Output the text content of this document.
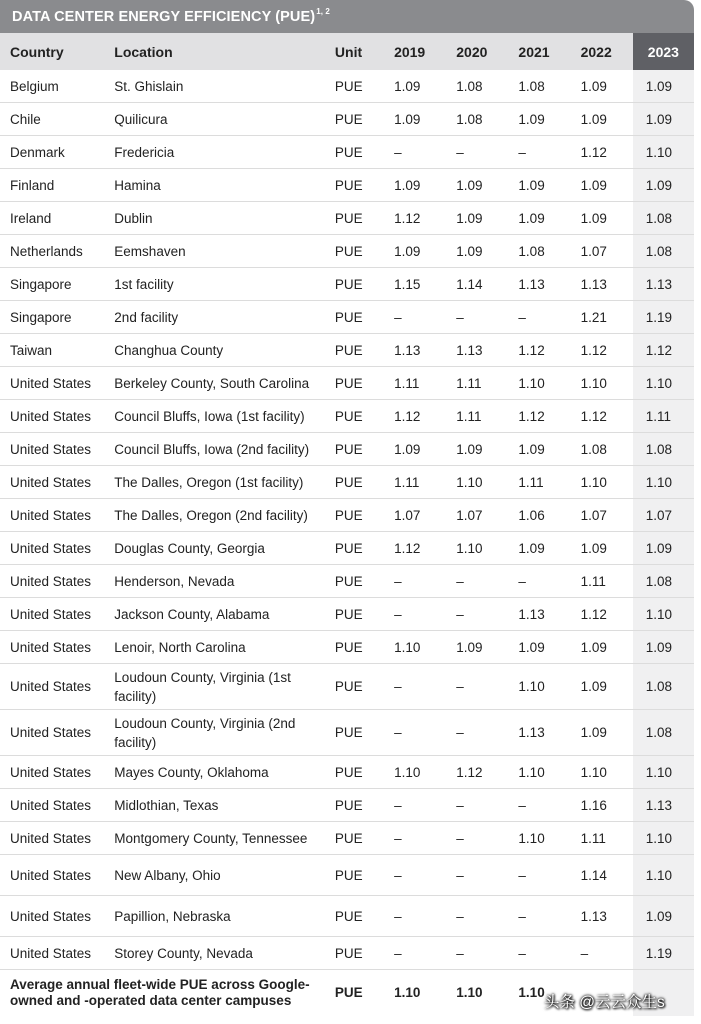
DATA CENTER ENERGY EFFICIENCY (PUE)$^{1, 2}$
Country	Location	Unit	2019	2020	2021	2022	2023
Belgium	St. Ghislain	PUE	1.09	1.08	1.08	1.09	1.09
Chile	Quilicura	PUE	1.09	1.08	1.09	1.09	1.09
Denmark	Fredericia	PUE	–	–	–	1.12	1.10
Finland	Hamina	PUE	1.09	1.09	1.09	1.09	1.09
Ireland	Dublin	PUE	1.12	1.09	1.09	1.09	1.08
Netherlands	Eemshaven	PUE	1.09	1.09	1.08	1.07	1.08
Singapore	1st facility	PUE	1.15	1.14	1.13	1.13	1.13
Singapore	2nd facility	PUE	–	–	–	1.21	1.19
Taiwan	Changhua County	PUE	1.13	1.13	1.12	1.12	1.12
United States	Berkeley County, South Carolina	PUE	1.11	1.11	1.10	1.10	1.10
United States	Council Bluffs, Iowa (1st facility)	PUE	1.12	1.11	1.12	1.12	1.11
United States	Council Bluffs, Iowa (2nd facility)	PUE	1.09	1.09	1.09	1.08	1.08
United States	The Dalles, Oregon (1st facility)	PUE	1.11	1.10	1.11	1.10	1.10
United States	The Dalles, Oregon (2nd facility)	PUE	1.07	1.07	1.06	1.07	1.07
United States	Douglas County, Georgia	PUE	1.12	1.10	1.09	1.09	1.09
United States	Henderson, Nevada	PUE	–	–	–	1.11	1.08
United States	Jackson County, Alabama	PUE	–	–	1.13	1.12	1.10
United States	Lenoir, North Carolina	PUE	1.10	1.09	1.09	1.09	1.09
United States	Loudoun County, Virginia (1st facility)	PUE	–	–	1.10	1.09	1.08
United States	Loudoun County, Virginia (2nd facility)	PUE	–	–	1.13	1.09	1.08
United States	Mayes County, Oklahoma	PUE	1.10	1.12	1.10	1.10	1.10
United States	Midlothian, Texas	PUE	–	–	–	1.16	1.13
United States	Montgomery County, Tennessee	PUE	–	–	1.10	1.11	1.10
United States	New Albany, Ohio	PUE	–	–	–	1.14	1.10
United States	Papillion, Nebraska	PUE	–	–	–	1.13	1.09
United States	Storey County, Nevada	PUE	–	–	–	–	1.19
Average annual fleet-wide PUE across Google-owned and -operated data center campuses		PUE	1.10	1.10	1.10		
头条 @云云众生s
